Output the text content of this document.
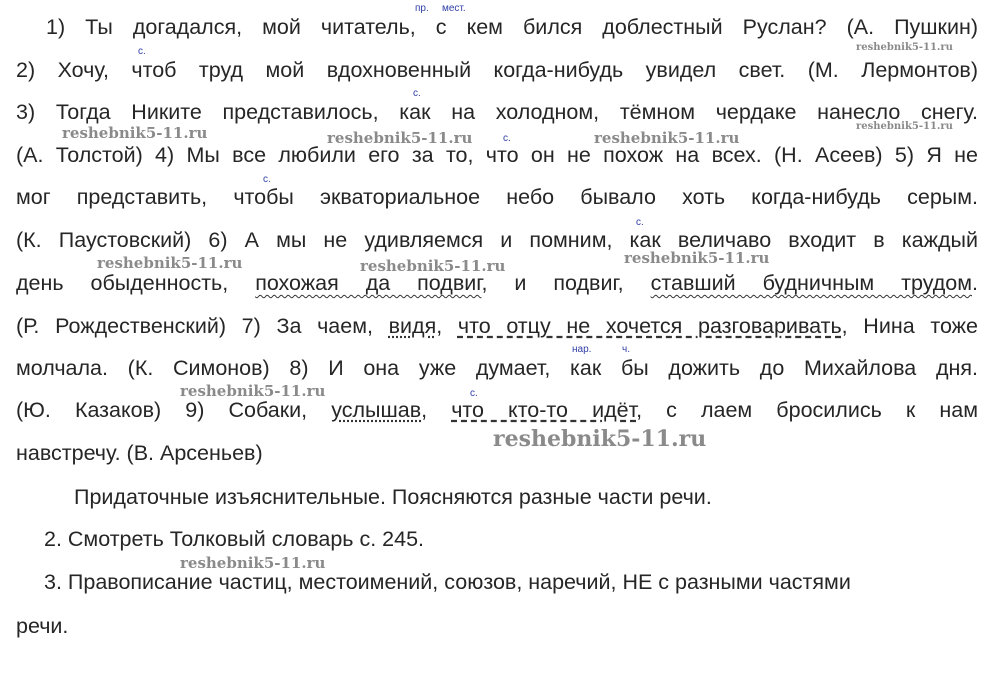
1) Ты догадался, мой читатель, с кем бился доблестный Руслан? (А. Пушкин)
2) Хочу, чтоб труд мой вдохновенный когда-нибудь увидел свет. (М. Лермонтов)
3) Тогда Никите представилось, как на холодном, тёмном чердаке нанесло снегу.
(А. Толстой) 4) Мы все любили его за то, что он не похож на всех. (Н. Асеев) 5) Я не
мог представить, чтобы экваториальное небо бывало хоть когда-нибудь серым.
(К. Паустовский) 6) А мы не удивляемся и помним, как величаво входит в каждый
день обыденность, похожая да подвиг, и подвиг, ставший будничным трудом.
(Р. Рождественский) 7) За чаем, видя, что отцу не хочется разговаривать, Нина тоже
молчала. (К. Симонов) 8) И она уже думает, как бы дожить до Михайлова дня.
(Ю. Казаков) 9) Собаки, услышав, что кто-то идёт, с лаем бросились к нам
навстречу. (В. Арсеньев)
Придаточные изъяснительные. Поясняются разные части речи.
2. Смотреть Толковый словарь с. 245.
3. Правописание частиц, местоимений, союзов, наречий, НЕ с разными частями
речи.
пр. мест.
с.
с.
с.
с.
с.
нар.	ч.
с.
reshebnik5-11.ru
reshebnik5-11.ru
reshebnik5-11.ru	reshebnik5-11.ru	reshebnik5-11.ru
reshebnik5-11.ru	reshebnik5-11.ru	reshebnik5-11.ru
reshebnik5-11.ru
reshebnik5-11.ru
reshebnik5-11.ru
